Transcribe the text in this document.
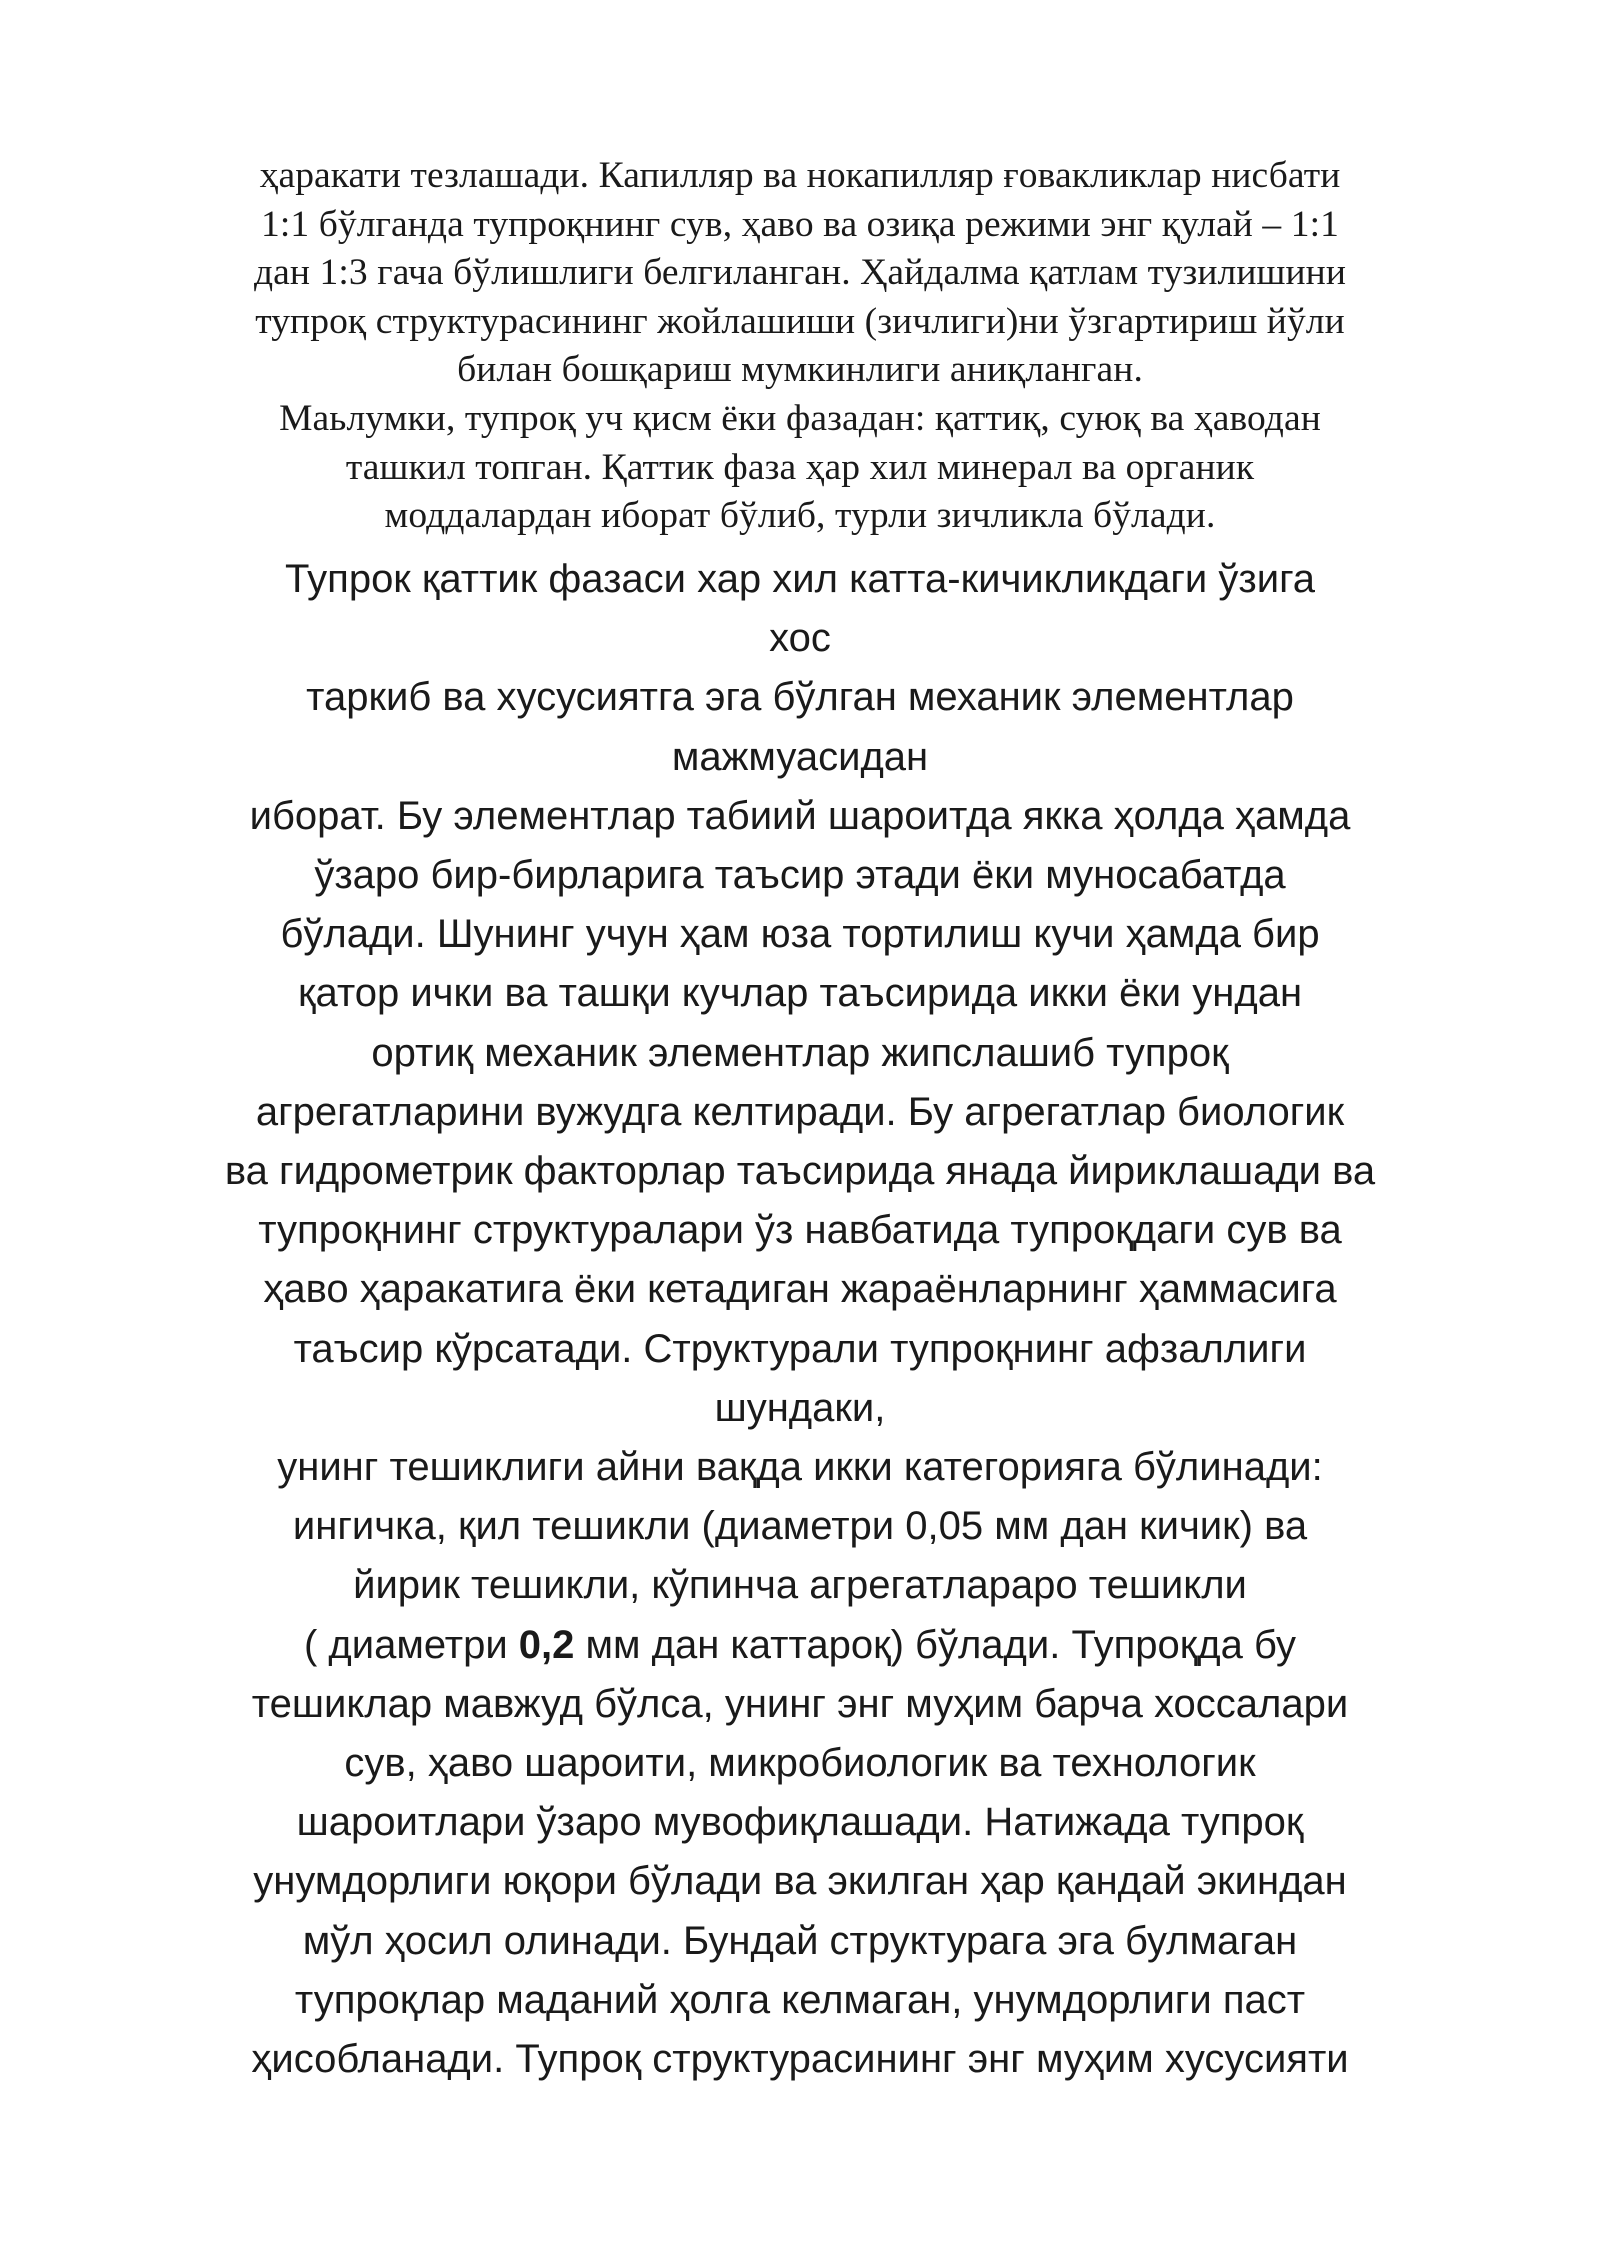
ҳаракати тезлашади. Капилляр ва нокапилляр ғовакликлар нисбати
1:1 бўлганда тупроқнинг сув, ҳаво ва озиқа режими энг қулай – 1:1
дан 1:3 гача бўлишлиги белгиланган. Ҳайдалма қатлам тузилишини
тупроқ структурасининг жойлашиши (зичлиги)ни ўзгартириш йўли
билан бошқариш мумкинлиги аниқланган.
Маьлумки, тупроқ уч қисм ёки фазадан: қаттиқ, суюқ ва ҳаводан
ташкил топган. Қаттик фаза ҳар хил минерал ва органик
моддалардан иборат бўлиб, турли зичликла бўлади.
Тупрок қаттик фазаси хар хил катта-кичикликдаги ўзига
хос
таркиб ва хусусиятга эга бўлган механик элементлар
мажмуасидан
иборат. Бу элементлар табиий шароитда якка ҳолда ҳамда
ўзаро бир-бирларига таъсир этади ёки муносабатда
бўлади. Шунинг учун ҳам юза тортилиш кучи ҳамда бир
қатор ички ва ташқи кучлар таъсирида икки ёки ундан
ортиқ механик элементлар жипслашиб тупроқ
агрегатларини вужудга келтиради. Бу агрегатлар биологик
ва гидрометрик факторлар таъсирида янада йириклашади ва
тупроқнинг структуралари ўз навбатида тупроқдаги сув ва
ҳаво ҳаракатига ёки кетадиган жараёнларнинг ҳаммасига
таъсир кўрсатади. Структурали тупроқнинг афзаллиги
шундаки,
унинг тешиклиги айни вақда икки категорияга бўлинади:
ингичка, қил тешикли (диаметри 0,05 мм дан кичик) ва
йирик тешикли, кўпинча агрегатлараро тешикли
( диаметри 0,2 мм дан каттароқ) бўлади. Тупроқда бу
тешиклар мавжуд бўлса, унинг энг муҳим барча хоссалари
сув, ҳаво шароити, микробиологик ва технологик
шароитлари ўзаро мувофиқлашади. Натижада тупроқ
унумдорлиги юқори бўлади ва экилган ҳар қандай экиндан
мўл ҳосил олинади. Бундай структурага эга булмаган
тупроқлар маданий ҳолга келмаган, унумдорлиги паст
ҳисобланади. Тупроқ структурасининг энг муҳим хусусияти
